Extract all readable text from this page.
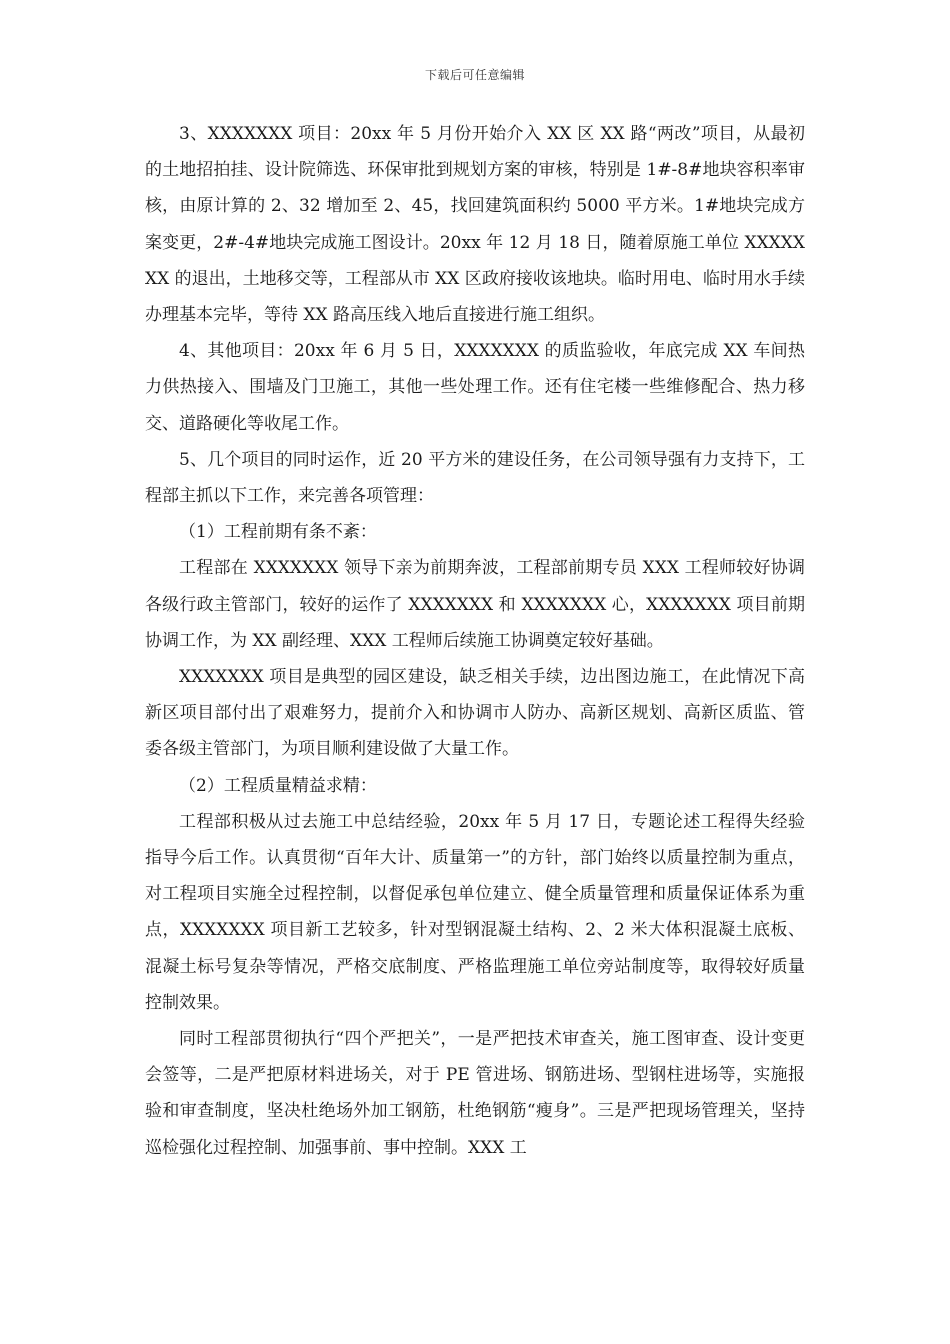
下载后可任意编辑

3、XXXXXXX 项目：20xx 年 5 月份开始介入 XX 区 XX 路“两改”项目，从最初的土地招拍挂、设计院筛选、环保审批到规划方案的审核，特别是 1#-8#地块容积率审核，由原计算的 2、32 增加至 2、45，找回建筑面积约 5000 平方米。1#地块完成方案变更，2#-4#地块完成施工图设计。20xx 年 12 月 18 日，随着原施工单位 XXXXXXX 的退出，土地移交等，工程部从市 XX 区政府接收该地块。临时用电、临时用水手续办理基本完毕，等待 XX 路高压线入地后直接进行施工组织。

4、其他项目：20xx 年 6 月 5 日，XXXXXXX 的质监验收，年底完成 XX 车间热力供热接入、围墙及门卫施工，其他一些处理工作。还有住宅楼一些维修配合、热力移交、道路硬化等收尾工作。

5、几个项目的同时运作，近 20 平方米的建设任务，在公司领导强有力支持下，工程部主抓以下工作，来完善各项管理：

（1）工程前期有条不紊：

工程部在 XXXXXXX 领导下亲为前期奔波，工程部前期专员 XXX 工程师较好协调各级行政主管部门，较好的运作了 XXXXXXX 和 XXXXXXX 心，XXXXXXX 项目前期协调工作，为 XX 副经理、XXX 工程师后续施工协调奠定较好基础。

XXXXXXX 项目是典型的园区建设，缺乏相关手续，边出图边施工，在此情况下高新区项目部付出了艰难努力，提前介入和协调市人防办、高新区规划、高新区质监、管委各级主管部门，为项目顺利建设做了大量工作。

（2）工程质量精益求精：

工程部积极从过去施工中总结经验，20xx 年 5 月 17 日，专题论述工程得失经验指导今后工作。认真贯彻“百年大计、质量第一”的方针，部门始终以质量控制为重点，对工程项目实施全过程控制，以督促承包单位建立、健全质量管理和质量保证体系为重点，XXXXXXX 项目新工艺较多，针对型钢混凝土结构、2、2 米大体积混凝土底板、混凝土标号复杂等情况，严格交底制度、严格监理施工单位旁站制度等，取得较好质量控制效果。

同时工程部贯彻执行“四个严把关”，一是严把技术审查关，施工图审查、设计变更会签等，二是严把原材料进场关，对于 PE 管进场、钢筋进场、型钢柱进场等，实施报验和审查制度，坚决杜绝场外加工钢筋，杜绝钢筋“瘦身”。三是严把现场管理关，坚持巡检强化过程控制、加强事前、事中控制。XXX 工
